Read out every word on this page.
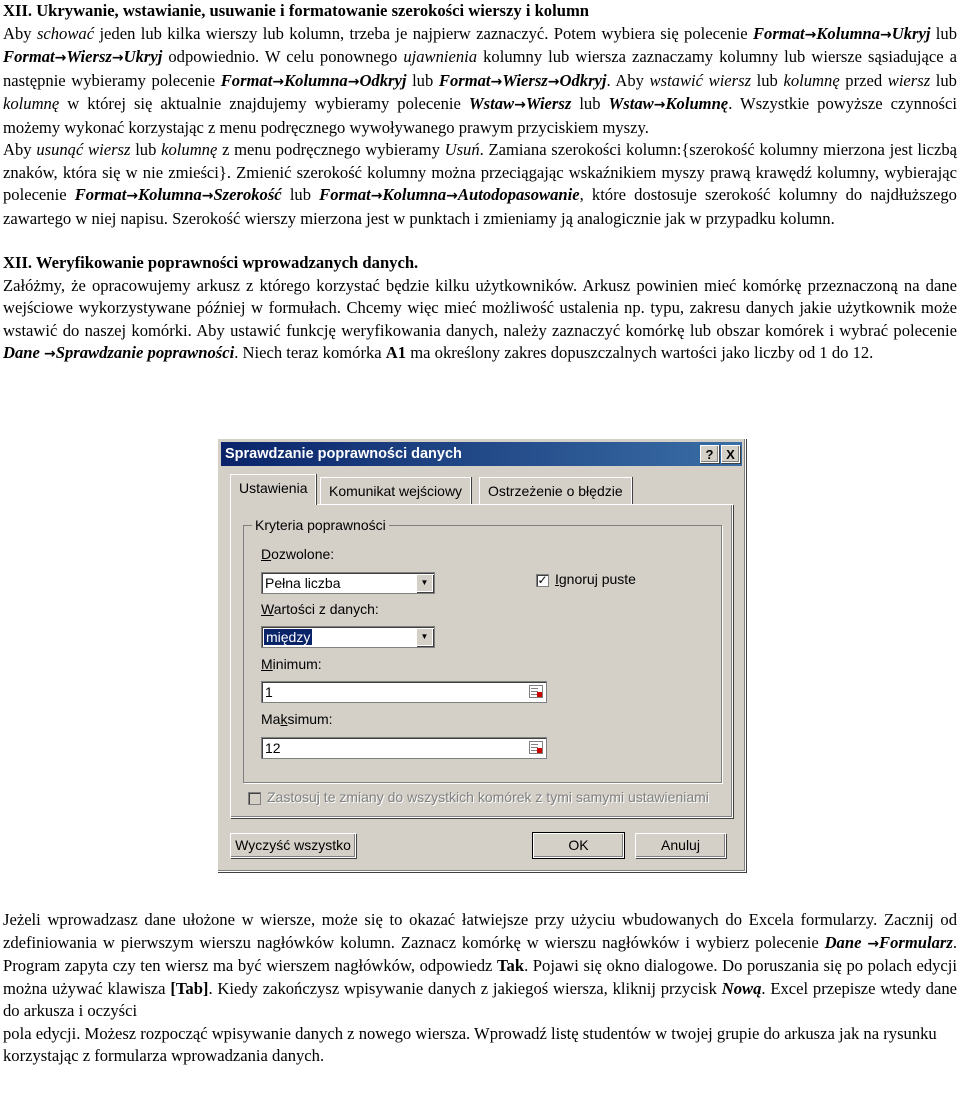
XII. Ukrywanie, wstawianie, usuwanie i formatowanie szerokości wierszy i kolumn

Aby schować jeden lub kilka wierszy lub kolumn, trzeba je najpierw zaznaczyć. Potem wybiera się polecenie Format→Kolumna→Ukryj lub Format→Wiersz→Ukryj odpowiednio. W celu ponownego ujawnienia kolumny lub wiersza zaznaczamy kolumny lub wiersze sąsiadujące a następnie wybieramy polecenie Format→Kolumna→Odkryj lub Format→Wiersz→Odkryj. Aby wstawić wiersz lub kolumnę przed wiersz lub kolumnę w której się aktualnie znajdujemy wybieramy polecenie Wstaw→Wiersz lub Wstaw→Kolumnę. Wszystkie powyższe czynności możemy wykonać korzystając z menu podręcznego wywoływanego prawym przyciskiem myszy.

Aby usunąć wiersz lub kolumnę z menu podręcznego wybieramy Usuń. Zamiana szerokości kolumn:{szerokość kolumny mierzona jest liczbą znaków, która się w nie zmieści}. Zmienić szerokość kolumny można przeciągając wskaźnikiem myszy prawą krawędź kolumny, wybierając polecenie Format→Kolumna→Szerokość lub Format→Kolumna→Autodopasowanie, które dostosuje szerokość kolumny do najdłuższego zawartego w niej napisu. Szerokość wierszy mierzona jest w punktach i zmieniamy ją analogicznie jak w przypadku kolumn.

XII. Weryfikowanie poprawności wprowadzanych danych.

Załóżmy, że opracowujemy arkusz z którego korzystać będzie kilku użytkowników. Arkusz powinien mieć komórkę przeznaczoną na dane wejściowe wykorzystywane później w formułach. Chcemy więc mieć możliwość ustalenia np. typu, zakresu danych jakie użytkownik może wstawić do naszej komórki. Aby ustawić funkcję weryfikowania danych, należy zaznaczyć komórkę lub obszar komórek i wybrać polecenie Dane →Sprawdzanie poprawności. Niech teraz komórka A1 ma określony zakres dopuszczalnych wartości jako liczby od 1 do 12.

Sprawdzanie poprawności danych	? X
Ustawienia	Komunikat wejściowy	Ostrzeżenie o błędzie
Kryteria poprawności
Dozwolone:
Pełna liczba	▼	✓ Ignoruj puste
Wartości z danych:
między	▼
Minimum:
1
Maksimum:
12
Zastosuj te zmiany do wszystkich komórek z tymi samymi ustawieniami
Wyczyść wszystko	OK	Anuluj

Jeżeli wprowadzasz dane ułożone w wierszе, może się to okazać łatwiejsze przy użyciu wbudowanych do Excela formularzy. Zacznij od zdefiniowania w pierwszym wierszu nagłówków kolumn. Zaznacz komórkę w wierszu nagłówków i wybierz polecenie Dane →Formularz. Program zapyta czy ten wiersz ma być wierszem nagłówków, odpowiedz Tak. Pojawi się okno dialogowe. Do poruszania się po polach edycji można używać klawisza [Tab]. Kiedy zakończysz wpisywanie danych z jakiegoś wiersza, kliknij przycisk Nową. Excel przepisze wtedy dane do arkusza i oczyści

pola edycji. Możesz rozpocząć wpisywanie danych z nowego wiersza. Wprowadź listę studentów w twojej grupie do arkusza jak na rysunku korzystając z formularza wprowadzania danych.
